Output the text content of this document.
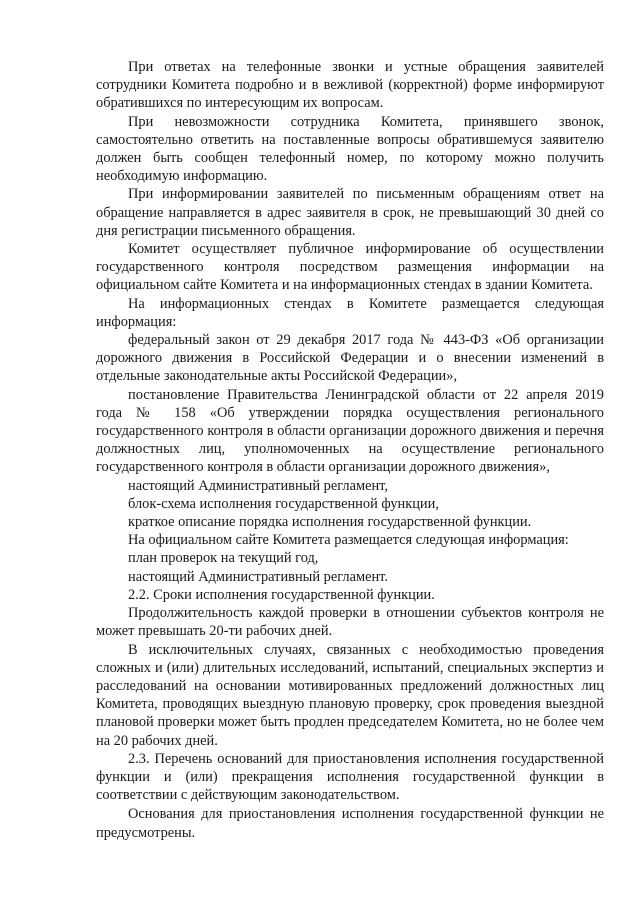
При ответах на телефонные звонки и устные обращения заявителей сотрудники Комитета подробно и в вежливой (корректной) форме информируют обратившихся по интересующим их вопросам.

При невозможности сотрудника Комитета, принявшего звонок, самостоятельно ответить на поставленные вопросы обратившемуся заявителю должен быть сообщен телефонный номер, по которому можно получить необходимую информацию.

При информировании заявителей по письменным обращениям ответ на обращение направляется в адрес заявителя в срок, не превышающий 30 дней со дня регистрации письменного обращения.

Комитет осуществляет публичное информирование об осуществлении государственного контроля посредством размещения информации на официальном сайте Комитета и на информационных стендах в здании Комитета.

На информационных стендах в Комитете размещается следующая информация:

федеральный закон от 29 декабря 2017 года № 443-ФЗ «Об организации дорожного движения в Российской Федерации и о внесении изменений в отдельные законодательные акты Российской Федерации»,

постановление Правительства Ленинградской области от 22 апреля 2019 года № 158 «Об утверждении порядка осуществления регионального государственного контроля в области организации дорожного движения и перечня должностных лиц, уполномоченных на осуществление регионального государственного контроля в области организации дорожного движения»,

настоящий Административный регламент,

блок-схема исполнения государственной функции,

краткое описание порядка исполнения государственной функции.

На официальном сайте Комитета размещается следующая информация:

план проверок на текущий год,

настоящий Административный регламент.

2.2. Сроки исполнения государственной функции.

Продолжительность каждой проверки в отношении субъектов контроля не может превышать 20-ти рабочих дней.

В исключительных случаях, связанных с необходимостью проведения сложных и (или) длительных исследований, испытаний, специальных экспертиз и расследований на основании мотивированных предложений должностных лиц Комитета, проводящих выездную плановую проверку, срок проведения выездной плановой проверки может быть продлен председателем Комитета, но не более чем на 20 рабочих дней.

2.3. Перечень оснований для приостановления исполнения государственной функции и (или) прекращения исполнения государственной функции в соответствии с действующим законодательством.

Основания для приостановления исполнения государственной функции не предусмотрены.
